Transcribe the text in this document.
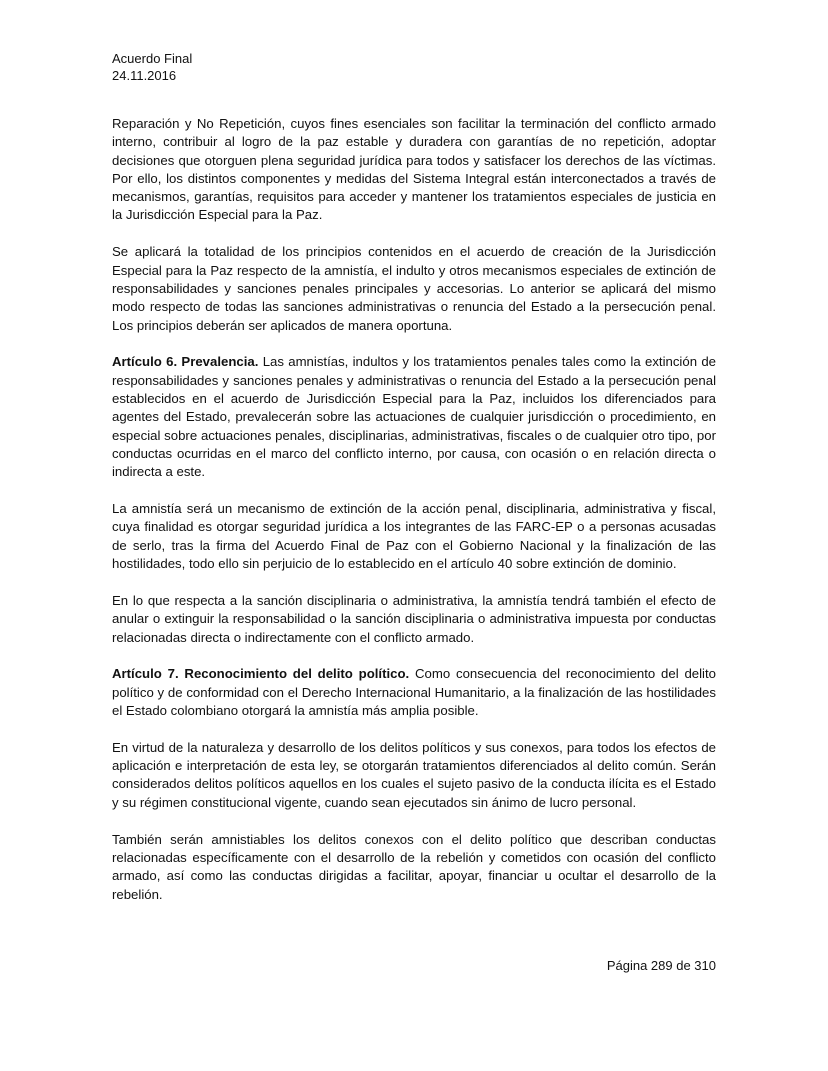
Acuerdo Final
24.11.2016

Reparación y No Repetición, cuyos fines esenciales son facilitar la terminación del conflicto armado interno, contribuir al logro de la paz estable y duradera con garantías de no repetición, adoptar decisiones que otorguen plena seguridad jurídica para todos y satisfacer los derechos de las víctimas. Por ello, los distintos componentes y medidas del Sistema Integral están interconectados a través de mecanismos, garantías, requisitos para acceder y mantener los tratamientos especiales de justicia en la Jurisdicción Especial para la Paz.

Se aplicará la totalidad de los principios contenidos en el acuerdo de creación de la Jurisdicción Especial para la Paz respecto de la amnistía, el indulto y otros mecanismos especiales de extinción de responsabilidades y sanciones penales principales y accesorias. Lo anterior se aplicará del mismo modo respecto de todas las sanciones administrativas o renuncia del Estado a la persecución penal. Los principios deberán ser aplicados de manera oportuna.

Artículo 6. Prevalencia. Las amnistías, indultos y los tratamientos penales tales como la extinción de responsabilidades y sanciones penales y administrativas o renuncia del Estado a la persecución penal establecidos en el acuerdo de Jurisdicción Especial para la Paz, incluidos los diferenciados para agentes del Estado, prevalecerán sobre las actuaciones de cualquier jurisdicción o procedimiento, en especial sobre actuaciones penales, disciplinarias, administrativas, fiscales o de cualquier otro tipo, por conductas ocurridas en el marco del conflicto interno, por causa, con ocasión o en relación directa o indirecta a este.

La amnistía será un mecanismo de extinción de la acción penal, disciplinaria, administrativa y fiscal, cuya finalidad es otorgar seguridad jurídica a los integrantes de las FARC-EP o a personas acusadas de serlo, tras la firma del Acuerdo Final de Paz con el Gobierno Nacional y la finalización de las hostilidades, todo ello sin perjuicio de lo establecido en el artículo 40 sobre extinción de dominio.

En lo que respecta a la sanción disciplinaria o administrativa, la amnistía tendrá también el efecto de anular o extinguir la responsabilidad o la sanción disciplinaria o administrativa impuesta por conductas relacionadas directa o indirectamente con el conflicto armado.

Artículo 7. Reconocimiento del delito político. Como consecuencia del reconocimiento del delito político y de conformidad con el Derecho Internacional Humanitario, a la finalización de las hostilidades el Estado colombiano otorgará la amnistía más amplia posible.

En virtud de la naturaleza y desarrollo de los delitos políticos y sus conexos, para todos los efectos de aplicación e interpretación de esta ley, se otorgarán tratamientos diferenciados al delito común. Serán considerados delitos políticos aquellos en los cuales el sujeto pasivo de la conducta ilícita es el Estado y su régimen constitucional vigente, cuando sean ejecutados sin ánimo de lucro personal.

También serán amnistiables los delitos conexos con el delito político que describan conductas relacionadas específicamente con el desarrollo de la rebelión y cometidos con ocasión del conflicto armado, así como las conductas dirigidas a facilitar, apoyar, financiar u ocultar el desarrollo de la rebelión.

Página 289 de 310
